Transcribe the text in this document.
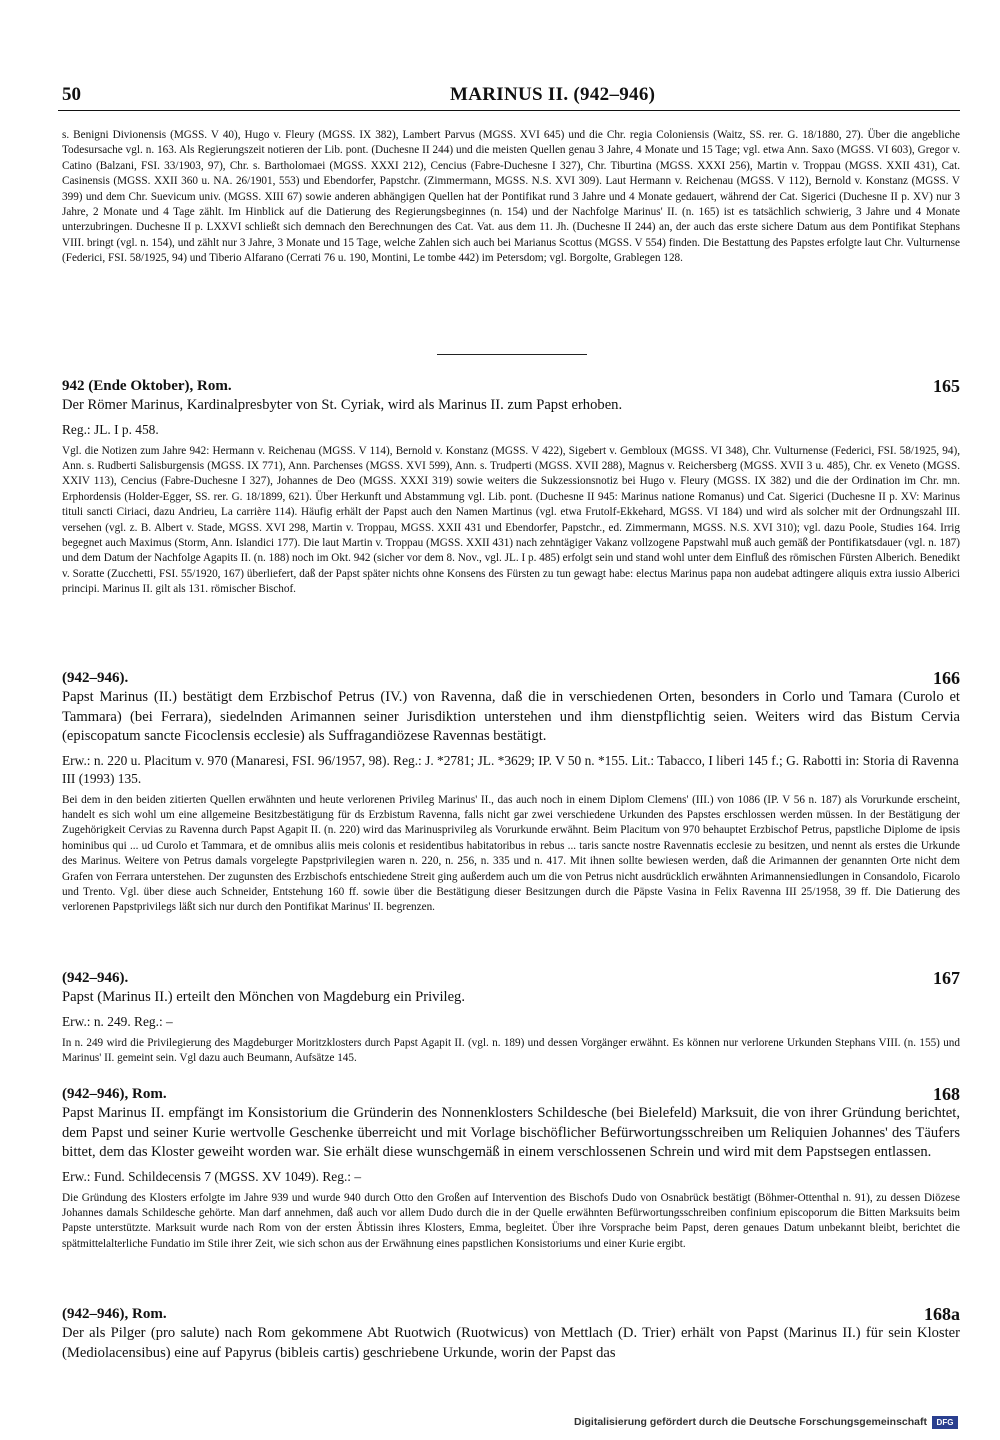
50	MARINUS II. (942–946)

s. Benigni Divionensis (MGSS. V 40), Hugo v. Fleury (MGSS. IX 382), Lambert Parvus (MGSS. XVI 645) und die Chr. regia Coloniensis (Waitz, SS. rer. G. 18/1880, 27). Über die angebliche Todesursache vgl. n. 163. Als Regierungszeit notieren der Lib. pont. (Duchesne II 244) und die meisten Quellen genau 3 Jahre, 4 Monate und 15 Tage; vgl. etwa Ann. Saxo (MGSS. VI 603), Gregor v. Catino (Balzani, FSI. 33/1903, 97), Chr. s. Bartholomaei (MGSS. XXXI 212), Cencius (Fabre-Duchesne I 327), Chr. Tiburtina (MGSS. XXXI 256), Martin v. Troppau (MGSS. XXII 431), Cat. Casinensis (MGSS. XXII 360 u. NA. 26/1901, 553) und Ebendorfer, Papstchr. (Zimmermann, MGSS. N.S. XVI 309). Laut Hermann v. Reichenau (MGSS. V 112), Bernold v. Konstanz (MGSS. V 399) und dem Chr. Suevicum univ. (MGSS. XIII 67) sowie anderen abhängigen Quellen hat der Pontifikat rund 3 Jahre und 4 Monate gedauert, während der Cat. Sigerici (Duchesne II p. XV) nur 3 Jahre, 2 Monate und 4 Tage zählt. Im Hinblick auf die Datierung des Regierungsbeginnes (n. 154) und der Nachfolge Marinus' II. (n. 165) ist es tatsächlich schwierig, 3 Jahre und 4 Monate unterzubringen. Duchesne II p. LXXVI schließt sich demnach den Berechnungen des Cat. Vat. aus dem 11. Jh. (Duchesne II 244) an, der auch das erste sichere Datum aus dem Pontifikat Stephans VIII. bringt (vgl. n. 154), und zählt nur 3 Jahre, 3 Monate und 15 Tage, welche Zahlen sich auch bei Marianus Scottus (MGSS. V 554) finden. Die Bestattung des Papstes erfolgte laut Chr. Vulturnense (Federici, FSI. 58/1925, 94) und Tiberio Alfarano (Cerrati 76 u. 190, Montini, Le tombe 442) im Petersdom; vgl. Borgolte, Grablegen 128.

942 (Ende Oktober), Rom.	165

Der Römer Marinus, Kardinalpresbyter von St. Cyriak, wird als Marinus II. zum Papst erhoben.

Reg.: JL. I p. 458.

Vgl. die Notizen zum Jahre 942: Hermann v. Reichenau (MGSS. V 114), Bernold v. Konstanz (MGSS. V 422), Sigebert v. Gembloux (MGSS. VI 348), Chr. Vulturnense (Federici, FSI. 58/1925, 94), Ann. s. Rudberti Salisburgensis (MGSS. IX 771), Ann. Parchenses (MGSS. XVI 599), Ann. s. Trudperti (MGSS. XVII 288), Magnus v. Reichersberg (MGSS. XVII 3 u. 485), Chr. ex Veneto (MGSS. XXIV 113), Cencius (Fabre-Duchesne I 327), Johannes de Deo (MGSS. XXXI 319) sowie weiters die Sukzessionsnotiz bei Hugo v. Fleury (MGSS. IX 382) und die der Ordination im Chr. mn. Erphordensis (Holder-Egger, SS. rer. G. 18/1899, 621). Über Herkunft und Abstammung vgl. Lib. pont. (Duchesne II 945: Marinus natione Romanus) und Cat. Sigerici (Duchesne II p. XV: Marinus tituli sancti Ciriaci, dazu Andrieu, La carrière 114). Häufig erhält der Papst auch den Namen Martinus (vgl. etwa Frutolf-Ekkehard, MGSS. VI 184) und wird als solcher mit der Ordnungszahl III. versehen (vgl. z. B. Albert v. Stade, MGSS. XVI 298, Martin v. Troppau, MGSS. XXII 431 und Ebendorfer, Papstchr., ed. Zimmermann, MGSS. N.S. XVI 310); vgl. dazu Poole, Studies 164. Irrig begegnet auch Maximus (Storm, Ann. Islandici 177). Die laut Martin v. Troppau (MGSS. XXII 431) nach zehntägiger Vakanz vollzogene Papstwahl muß auch gemäß der Pontifikatsdauer (vgl. n. 187) und dem Datum der Nachfolge Agapits II. (n. 188) noch im Okt. 942 (sicher vor dem 8. Nov., vgl. JL. I p. 485) erfolgt sein und stand wohl unter dem Einfluß des römischen Fürsten Alberich. Benedikt v. Soratte (Zucchetti, FSI. 55/1920, 167) überliefert, daß der Papst später nichts ohne Konsens des Fürsten zu tun gewagt habe: electus Marinus papa non audebat adtingere aliquis extra iussio Alberici principi. Marinus II. gilt als 131. römischer Bischof.

(942–946).	166

Papst Marinus (II.) bestätigt dem Erzbischof Petrus (IV.) von Ravenna, daß die in verschiedenen Orten, besonders in Corlo und Tamara (Curolo et Tammara) (bei Ferrara), siedelnden Arimannen seiner Jurisdiktion unterstehen und ihm dienstpflichtig seien. Weiters wird das Bistum Cervia (episcopatum sancte Ficoclensis ecclesie) als Suffragandiözese Ravennas bestätigt.

Erw.: n. 220 u. Placitum v. 970 (Manaresi, FSI. 96/1957, 98). Reg.: J. *2781; JL. *3629; IP. V 50 n. *155. Lit.: Tabacco, I liberi 145 f.; G. Rabotti in: Storia di Ravenna III (1993) 135.

Bei dem in den beiden zitierten Quellen erwähnten und heute verlorenen Privileg Marinus' II., das auch noch in einem Diplom Clemens' (III.) von 1086 (IP. V 56 n. 187) als Vorurkunde erscheint, handelt es sich wohl um eine allgemeine Besitzbestätigung für ds Erzbistum Ravenna, falls nicht gar zwei verschiedene Urkunden des Papstes erschlossen werden müssen. In der Bestätigung der Zugehörigkeit Cervias zu Ravenna durch Papst Agapit II. (n. 220) wird das Marinusprivileg als Vorurkunde erwähnt. Beim Placitum von 970 behauptet Erzbischof Petrus, papstliche Diplome de ipsis hominibus qui ... ud Curolo et Tammara, et de omnibus aliis meis colonis et residentibus habitatoribus in rebus ... taris sancte nostre Ravennatis ecclesie zu besitzen, und nennt als erstes die Urkunde des Marinus. Weitere von Petrus damals vorgelegte Papstprivilegien waren n. 220, n. 256, n. 335 und n. 417. Mit ihnen sollte bewiesen werden, daß die Arimannen der genannten Orte nicht dem Grafen von Ferrara unterstehen. Der zugunsten des Erzbischofs entschiedene Streit ging außerdem auch um die von Petrus nicht ausdrücklich erwähnten Arimannensiedlungen in Consandolo, Ficarolo und Trento. Vgl. über diese auch Schneider, Entstehung 160 ff. sowie über die Bestätigung dieser Besitzungen durch die Päpste Vasina in Felix Ravenna III 25/1958, 39 ff. Die Datierung des verlorenen Papstprivilegs läßt sich nur durch den Pontifikat Marinus' II. begrenzen.

(942–946).	167

Papst (Marinus II.) erteilt den Mönchen von Magdeburg ein Privileg.

Erw.: n. 249. Reg.: –

In n. 249 wird die Privilegierung des Magdeburger Moritzklosters durch Papst Agapit II. (vgl. n. 189) und dessen Vorgänger erwähnt. Es können nur verlorene Urkunden Stephans VIII. (n. 155) und Marinus' II. gemeint sein. Vgl dazu auch Beumann, Aufsätze 145.

(942–946), Rom.	168

Papst Marinus II. empfängt im Konsistorium die Gründerin des Nonnenklosters Schildesche (bei Bielefeld) Marksuit, die von ihrer Gründung berichtet, dem Papst und seiner Kurie wertvolle Geschenke überreicht und mit Vorlage bischöflicher Befürwortungsschreiben um Reliquien Johannes' des Täufers bittet, dem das Kloster geweiht worden war. Sie erhält diese wunschgemäß in einem verschlossenen Schrein und wird mit dem Papstsegen entlassen.

Erw.: Fund. Schildecensis 7 (MGSS. XV 1049). Reg.: –

Die Gründung des Klosters erfolgte im Jahre 939 und wurde 940 durch Otto den Großen auf Intervention des Bischofs Dudo von Osnabrück bestätigt (Böhmer-Ottenthal n. 91), zu dessen Diözese Johannes damals Schildesche gehörte. Man darf annehmen, daß auch vor allem Dudo durch die in der Quelle erwähnten Befürwortungsschreiben confinium episcoporum die Bitten Marksuits beim Papste unterstützte. Marksuit wurde nach Rom von der ersten Äbtissin ihres Klosters, Emma, begleitet. Über ihre Vorsprache beim Papst, deren genaues Datum unbekannt bleibt, berichtet die spätmittelalterliche Fundatio im Stile ihrer Zeit, wie sich schon aus der Erwähnung eines papstlichen Konsistoriums und einer Kurie ergibt.

(942–946), Rom.	168a

Der als Pilger (pro salute) nach Rom gekommene Abt Ruotwich (Ruotwicus) von Mettlach (D. Trier) erhält von Papst (Marinus II.) für sein Kloster (Mediolacensibus) eine auf Papyrus (bibleis cartis) geschriebene Urkunde, worin der Papst das

Digitalisierung gefördert durch die Deutsche Forschungsgemeinschaft	DFG
